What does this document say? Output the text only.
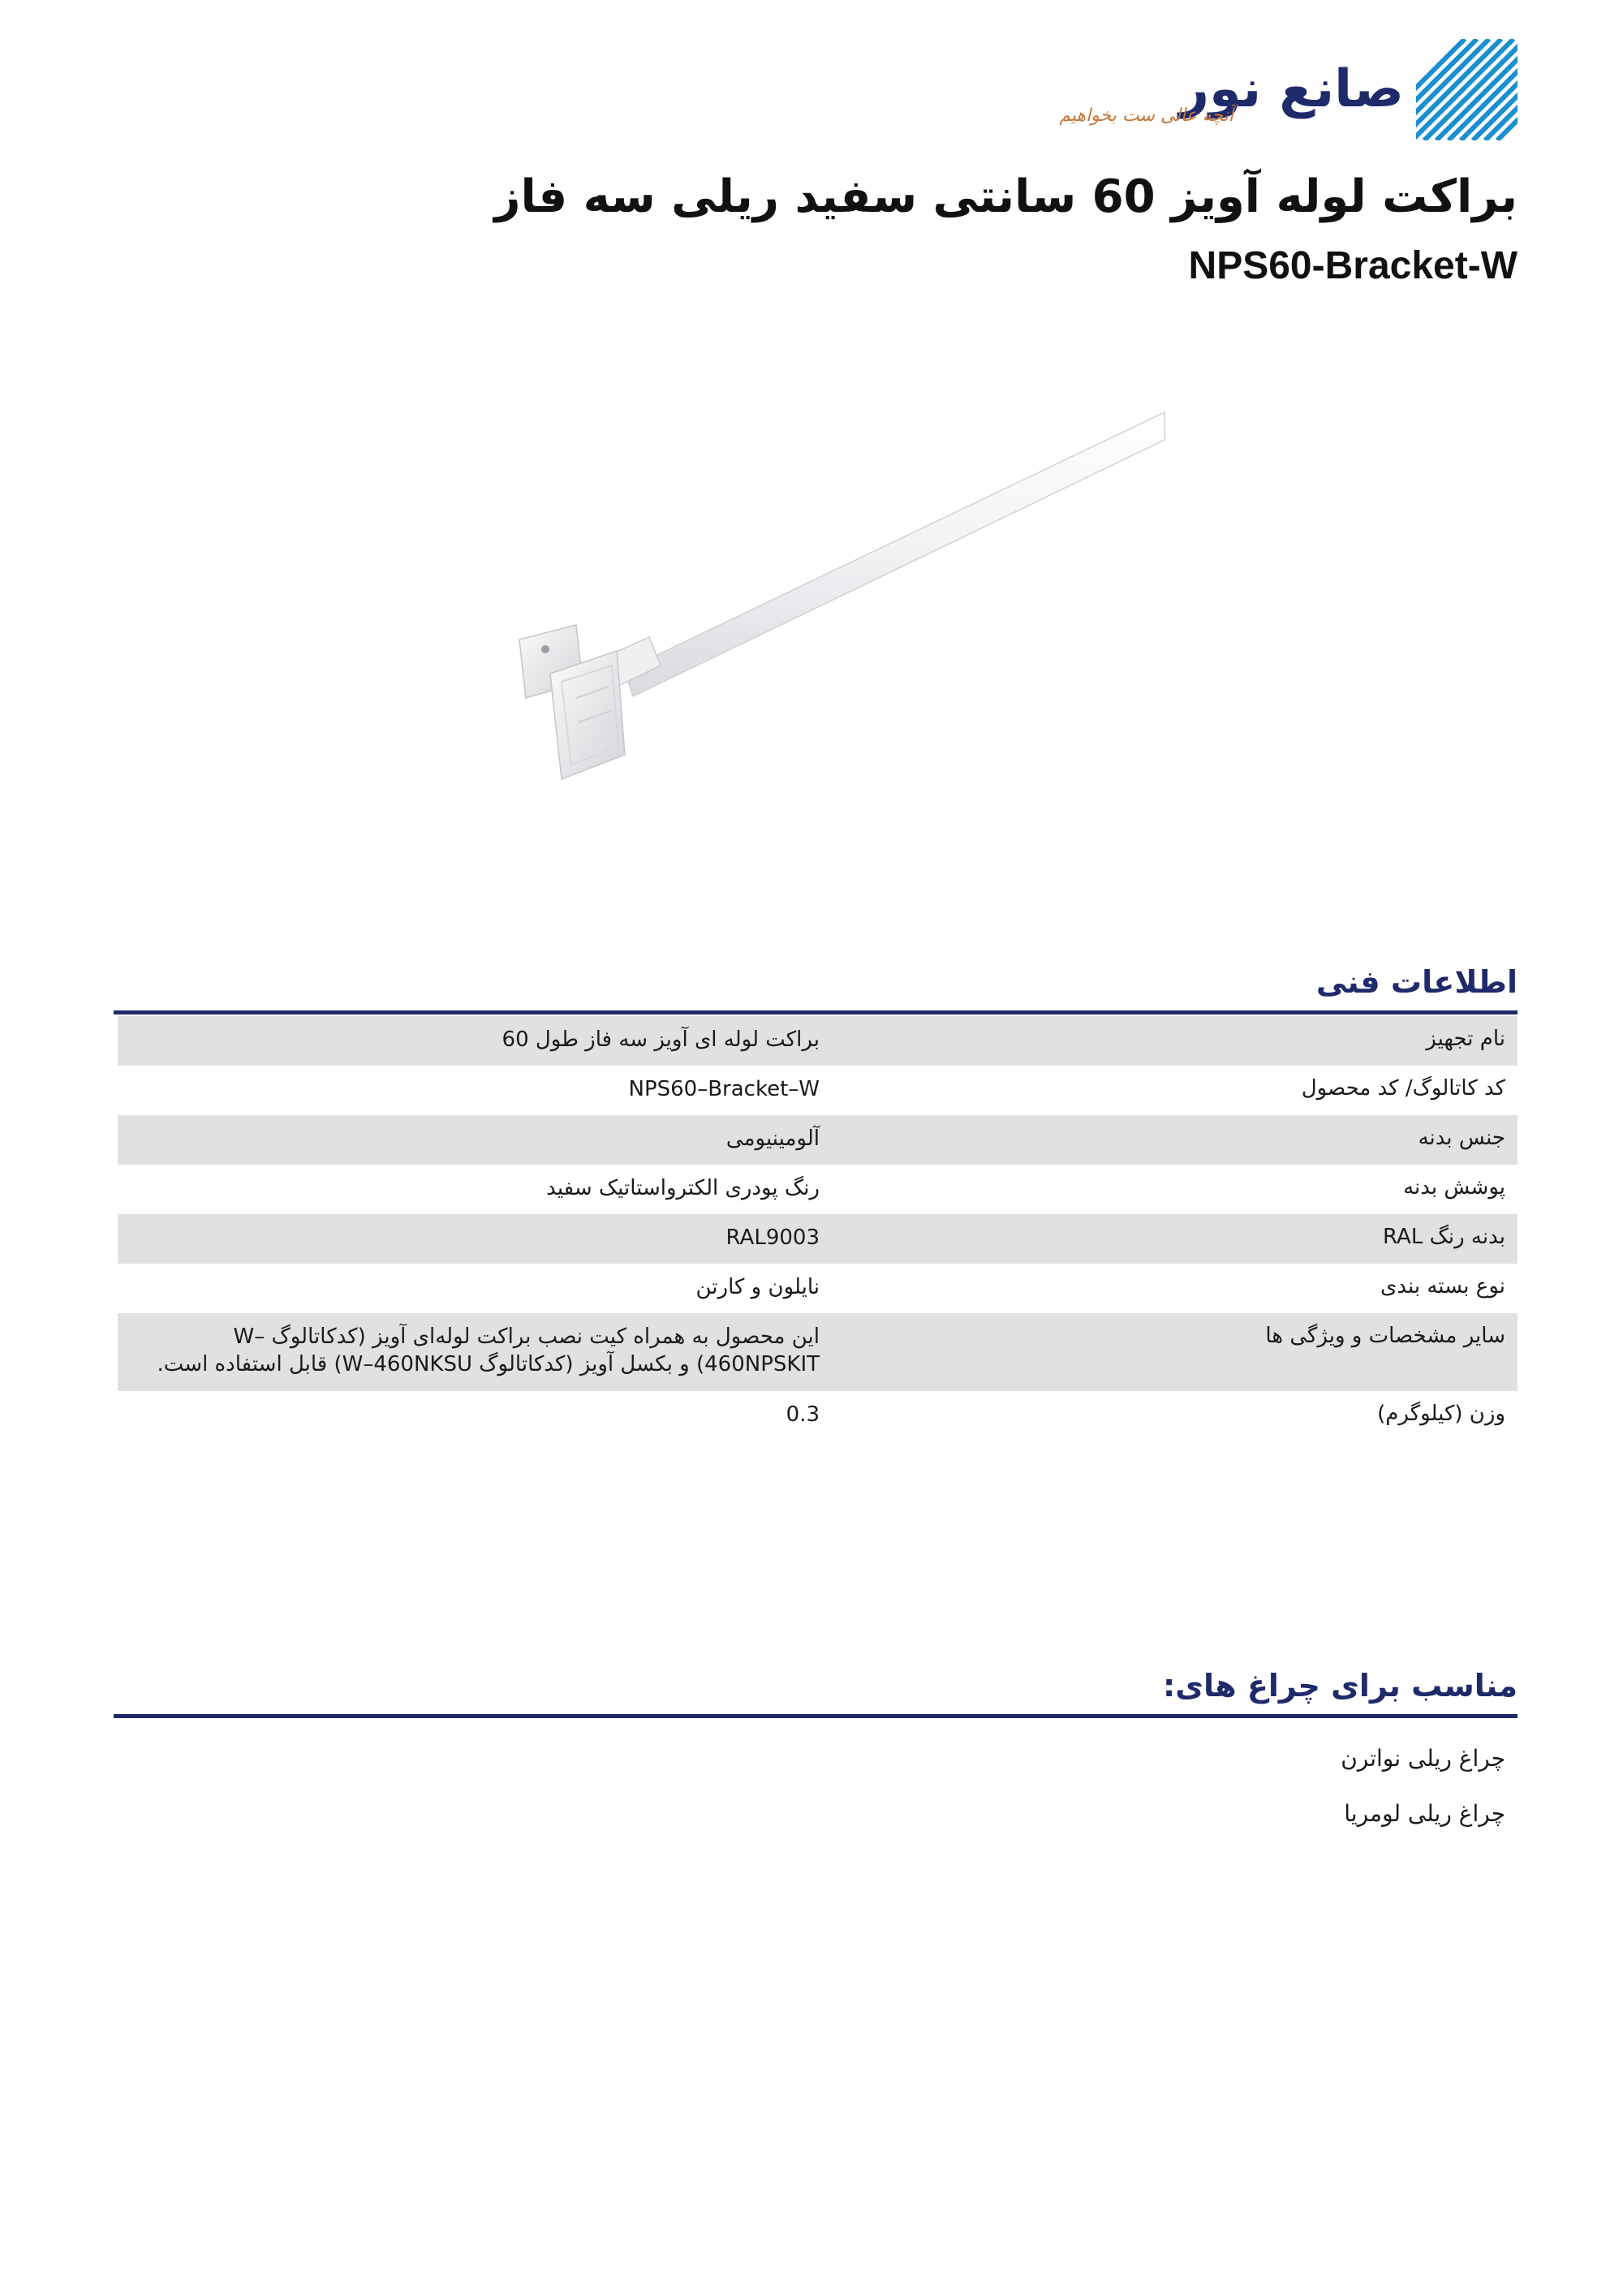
صانع نور
آنچه عالی ست بخواهیم
براکت لوله آویز 60 سانتی سفید ریلی سه فاز
NPS60-Bracket-W
اطلاعات فنی
نام تجهیز
براکت لوله ای آویز سه فاز طول 60
کد کاتالوگ/ کد محصول
NPS60–Bracket–W
جنس بدنه
آلومینیومی
پوشش بدنه
رنگ پودری الکترواستاتیک سفید
بدنه رنگ RAL
RAL9003
نوع بسته بندی
نایلون و کارتن
سایر مشخصات و ویژگی ها
این محصول به همراه کیت نصب براکت لوله‌ای آویز (کدکاتالوگ W–460NPSKIT) و بکسل آویز (کدکاتالوگ W–460NKSU) قابل استفاده است.
وزن (کیلوگرم)
0.3
مناسب برای چراغ های:
چراغ ریلی نواترن
چراغ ریلی لومریا
